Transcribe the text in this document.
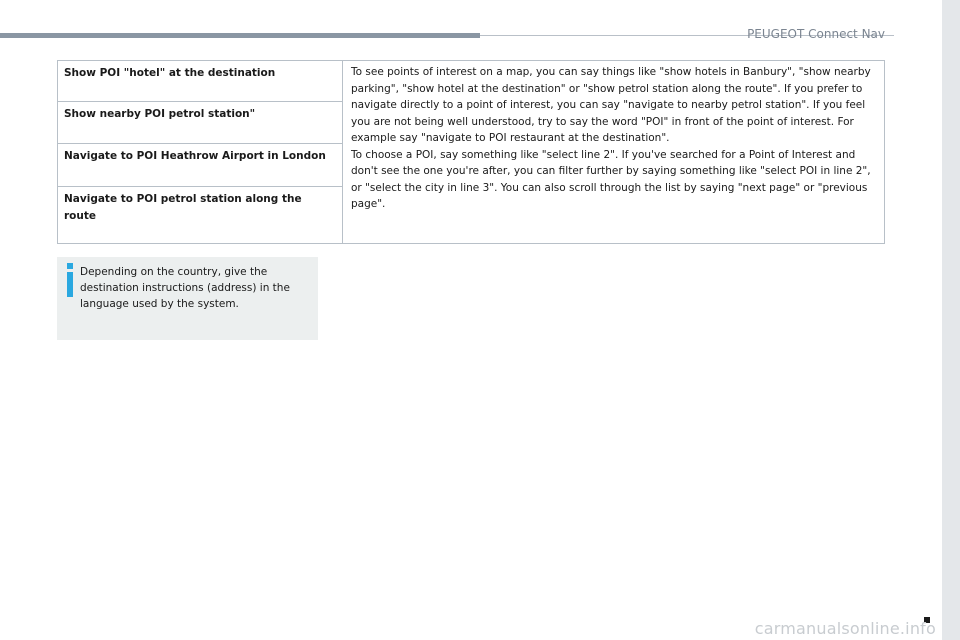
PEUGEOT Connect Nav
Show POI "hotel" at the destination	To see points of interest on a map, you can say things like "show hotels in Banbury", "show nearby parking", "show hotel at the destination" or "show petrol station along the route". If you prefer to navigate directly to a point of interest, you can say "navigate to nearby petrol station". If you feel you are not being well understood, try to say the word "POI" in front of the point of interest. For example say "navigate to POI restaurant at the destination".

To choose a POI, say something like "select line 2". If you've searched for a Point of Interest and don't see the one you're after, you can filter further by saying something like "select POI in line 2", or "select the city in line 3". You can also scroll through the list by saying "next page" or "previous page".

Show nearby POI petrol station"
Navigate to POI Heathrow Airport in London
Navigate to POI petrol station along the route
Depending on the country, give the destination instructions (address) in the language used by the system.
carmanualsonline.info
